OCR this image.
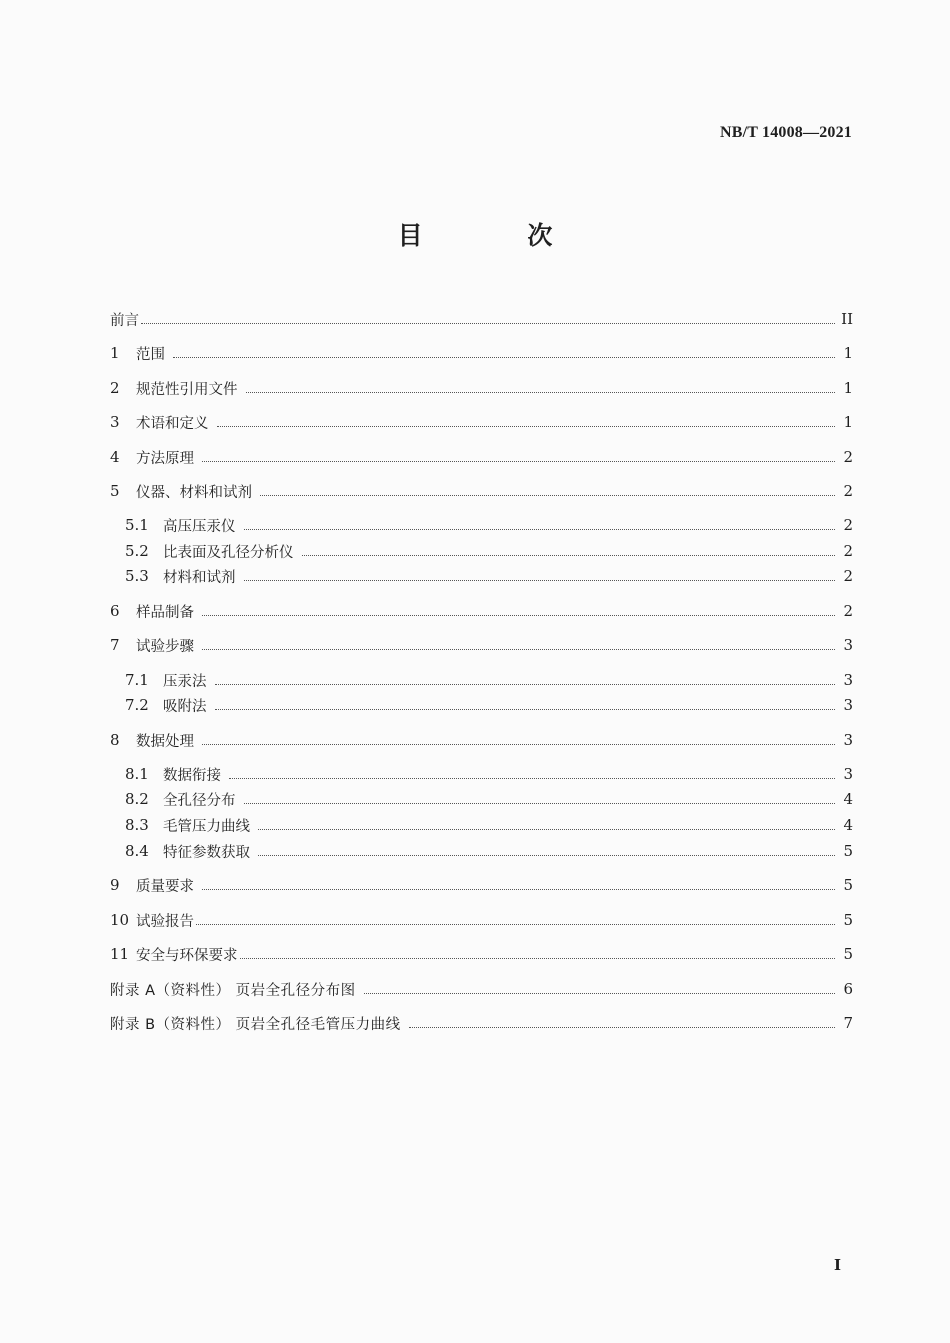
NB/T 14008—2021
目 次
前言	II
1	范围	1
2	规范性引用文件	1
3	术语和定义	1
4	方法原理	2
5	仪器、材料和试剂	2
5.1 高压压汞仪	2
5.2 比表面及孔径分析仪	2
5.3 材料和试剂	2
6	样品制备	2
7	试验步骤	3
7.1 压汞法	3
7.2 吸附法	3
8	数据处理	3
8.1 数据衔接	3
8.2 全孔径分布	4
8.3 毛管压力曲线	4
8.4 特征参数获取	5
9	质量要求	5
10 试验报告	5
11 安全与环保要求	5
附录 A（资料性） 页岩全孔径分布图	6
附录 B（资料性） 页岩全孔径毛管压力曲线	7
I
